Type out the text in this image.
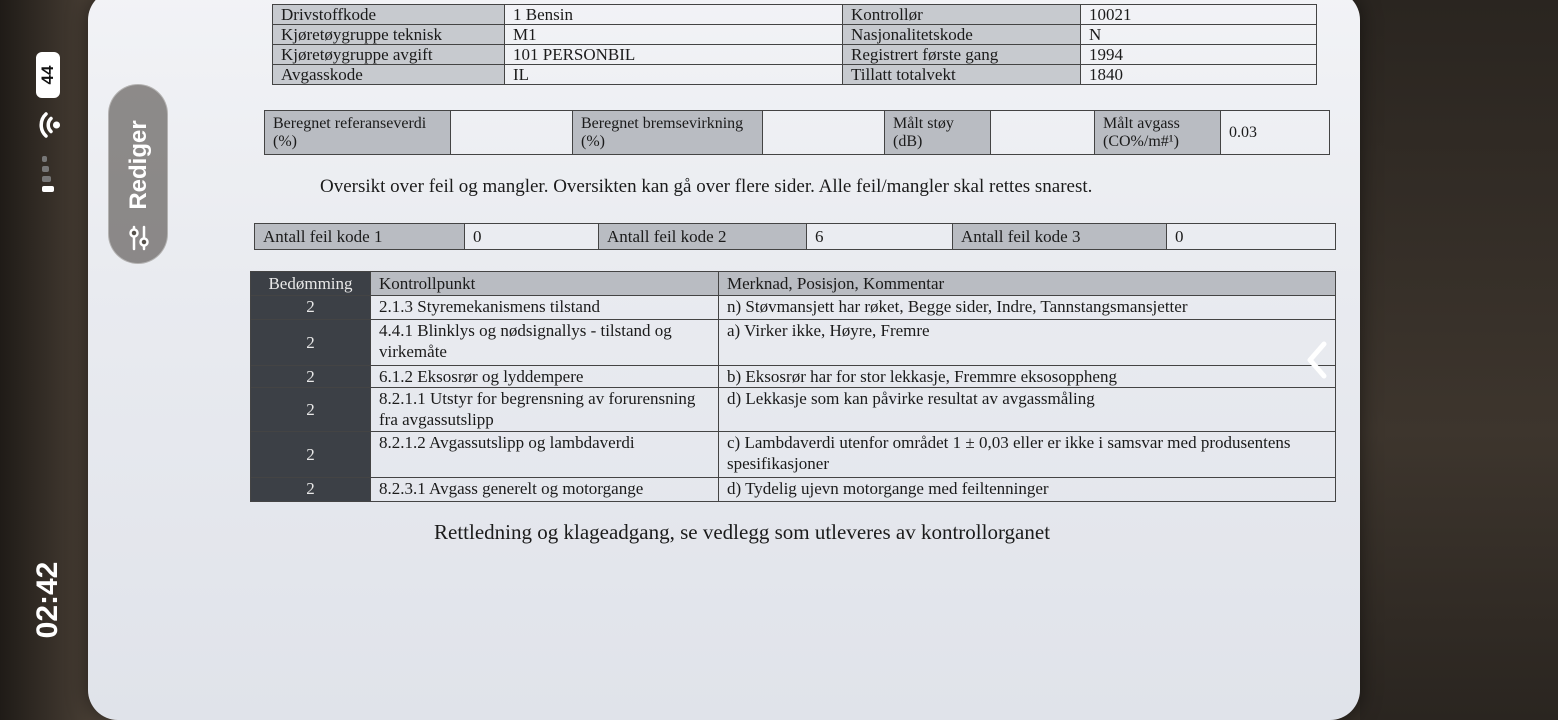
Drivstoffkode	1 Bensin	Kontrollør	10021
Kjøretøygruppe teknisk	M1	Nasjonalitetskode	N
Kjøretøygruppe avgift	101 PERSONBIL	Registrert første gang	1994
Avgasskode	IL	Tillatt totalvekt	1840
Beregnet referanseverdi (%)		Beregnet bremsevirkning (%)		Målt støy (dB)		Målt avgass (CO%/m#¹)	0.03
Oversikt over feil og mangler. Oversikten kan gå over flere sider. Alle feil/mangler skal rettes snarest.
Antall feil kode 1	0	Antall feil kode 2	6	Antall feil kode 3	0
Bedømming	Kontrollpunkt	Merknad, Posisjon, Kommentar
2	2.1.3 Styremekanismens tilstand	n) Støvmansjett har røket, Begge sider, Indre, Tannstangsmansjetter
2	4.4.1 Blinklys og nødsignallys - tilstand og virkemåte	a) Virker ikke, Høyre, Fremre
2	6.1.2 Eksosrør og lyddempere	b) Eksosrør har for stor lekkasje, Fremmre eksosoppheng
2	8.2.1.1 Utstyr for begrensning av forurensning fra avgassutslipp	d) Lekkasje som kan påvirke resultat av avgassmåling
2	8.2.1.2 Avgassutslipp og lambdaverdi	c) Lambdaverdi utenfor området 1 ± 0,03 eller er ikke i samsvar med produsentens spesifikasjoner
2	8.2.3.1 Avgass generelt og motorgange	d) Tydelig ujevn motorgange med feiltenninger
Rettledning og klageadgang, se vedlegg som utleveres av kontrollorganet
44
02:42
Rediger
